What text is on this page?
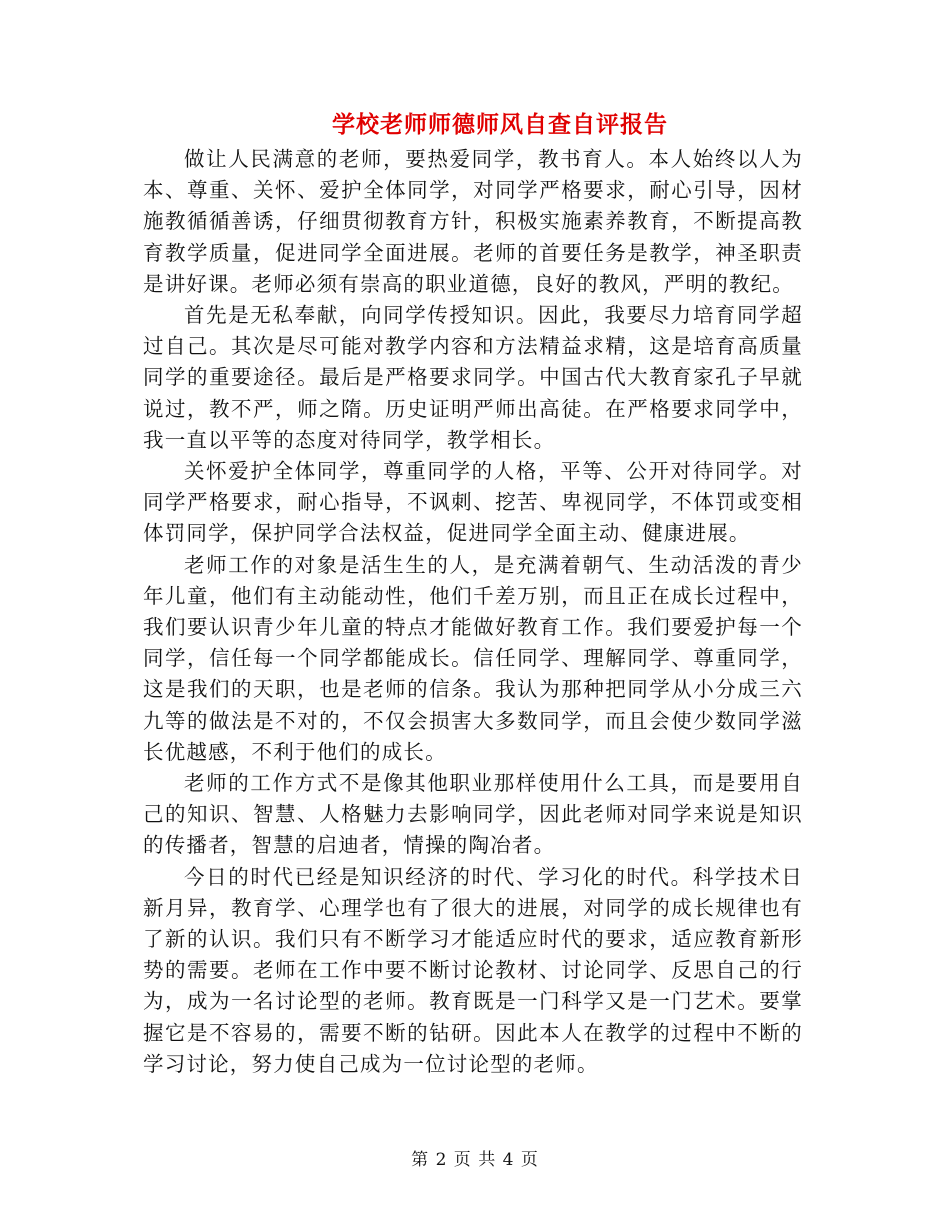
学校老师师德师风自查自评报告

做让人民满意的老师，要热爱同学，教书育人。本人始终以人为本、尊重、关怀、爱护全体同学，对同学严格要求，耐心引导，因材施教循循善诱，仔细贯彻教育方针，积极实施素养教育，不断提高教育教学质量，促进同学全面进展。老师的首要任务是教学，神圣职责是讲好课。老师必须有崇高的职业道德，良好的教风，严明的教纪。

首先是无私奉献，向同学传授知识。因此，我要尽力培育同学超过自己。其次是尽可能对教学内容和方法精益求精，这是培育高质量同学的重要途径。最后是严格要求同学。中国古代大教育家孔子早就说过，教不严，师之隋。历史证明严师出高徒。在严格要求同学中，我一直以平等的态度对待同学，教学相长。

关怀爱护全体同学，尊重同学的人格，平等、公开对待同学。对同学严格要求，耐心指导，不讽刺、挖苦、卑视同学，不体罚或变相体罚同学，保护同学合法权益，促进同学全面主动、健康进展。

老师工作的对象是活生生的人，是充满着朝气、生动活泼的青少年儿童，他们有主动能动性，他们千差万别，而且正在成长过程中，我们要认识青少年儿童的特点才能做好教育工作。我们要爱护每一个同学，信任每一个同学都能成长。信任同学、理解同学、尊重同学，这是我们的天职，也是老师的信条。我认为那种把同学从小分成三六九等的做法是不对的，不仅会损害大多数同学，而且会使少数同学滋长优越感，不利于他们的成长。

老师的工作方式不是像其他职业那样使用什么工具，而是要用自己的知识、智慧、人格魅力去影响同学，因此老师对同学来说是知识的传播者，智慧的启迪者，情操的陶冶者。

今日的时代已经是知识经济的时代、学习化的时代。科学技术日新月异，教育学、心理学也有了很大的进展，对同学的成长规律也有了新的认识。我们只有不断学习才能适应时代的要求，适应教育新形势的需要。老师在工作中要不断讨论教材、讨论同学、反思自己的行为，成为一名讨论型的老师。教育既是一门科学又是一门艺术。要掌握它是不容易的，需要不断的钻研。因此本人在教学的过程中不断的学习讨论，努力使自己成为一位讨论型的老师。

第 2 页 共 4 页
